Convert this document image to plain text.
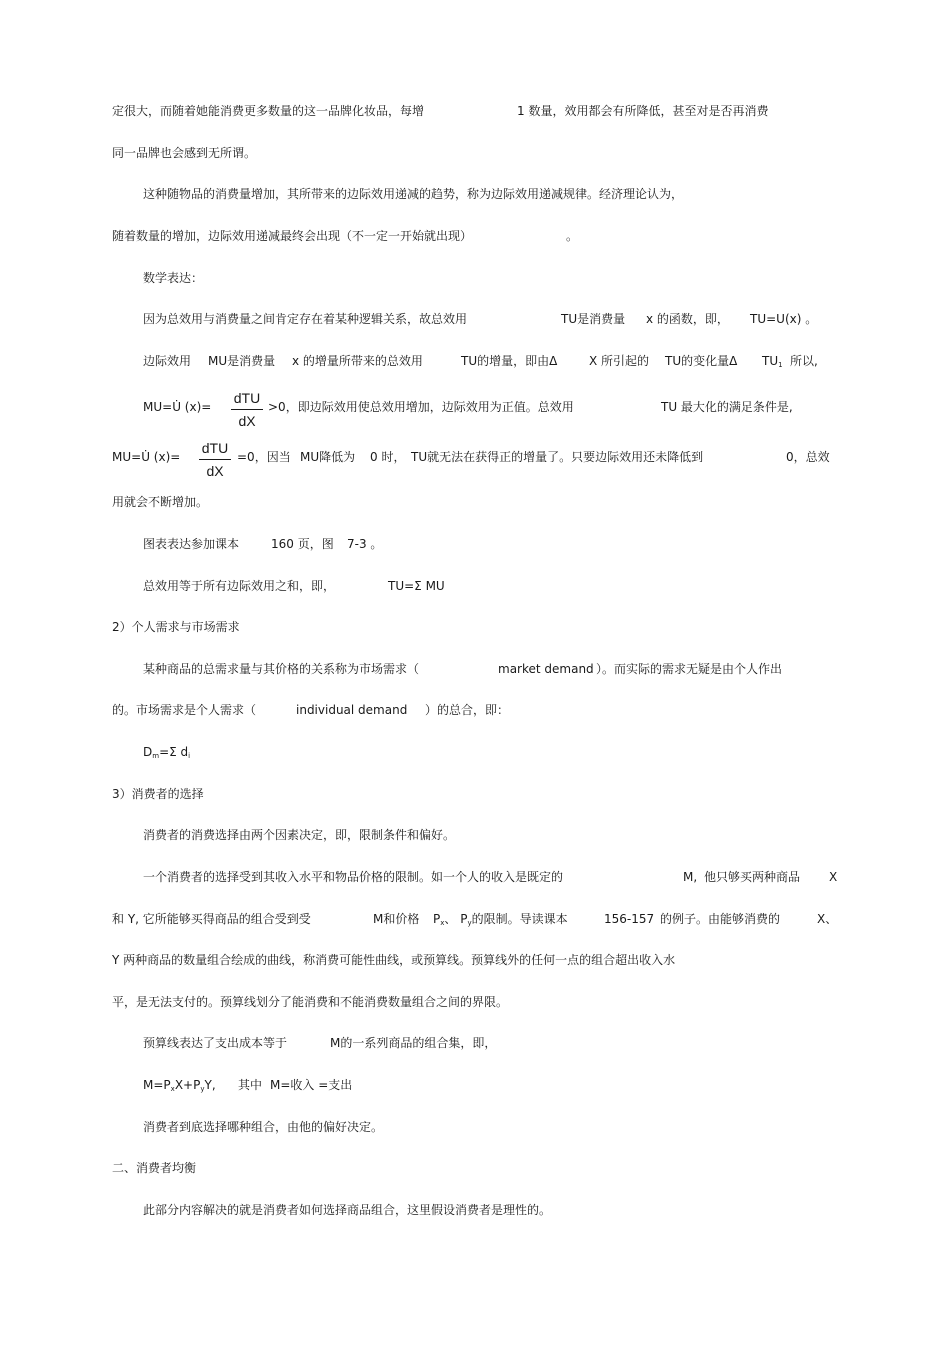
定很大，而随着她能消费更多数量的这一品牌化妆品，每增	1 数量，效用都会有所降低，甚至对是否再消费
同一品牌也会感到无所谓。
这种随物品的消费量增加，其所带来的边际效用递减的趋势，称为边际效用递减规律。经济理论认为，
随着数量的增加，边际效用递减最终会出现（不一定一开始就出现）	。
数学表达：
因为总效用与消费量之间肯定存在着某种逻辑关系，故总效用	TU是消费量 x 的函数，即， TU=U(x) 。
边际效用 MU是消费量 x 的增量所带来的总效用	TU的增量，即由Δ	X 所引起的 TU的变化量Δ $TU_1$ 所以,
MU=U̇ (x)=
dTU
dX
>0，即边际效用使总效用增加，边际效用为正值。总效用	TU 最大化的满足条件是,
MU=U̇ (x)=
dTU
dX
=0，因当 MU降低为 0 时， TU就无法在获得正的增量了。只要边际效用还未降低到	0，总效
用就会不断增加。
图表表达参加课本	160 页，图 7-3 。
总效用等于所有边际效用之和，即，	TU=Σ MU
2）个人需求与市场需求
某种商品的总需求量与其价格的关系称为市场需求（	market demand ）。而实际的需求无疑是由个人作出
的。市场需求是个人需求（	individual demand ）的总合，即：
$D_m=\Sigma$ $d_i$
3）消费者的选择
消费者的消费选择由两个因素决定，即，限制条件和偏好。
一个消费者的选择受到其收入水平和物品价格的限制。如一个人的收入是既定的	M, 他只够买两种商品 X
和 Y, 它所能够买得商品的组合受到受	M和价格 $P_x$、 $P_y$的限制。导读课本	156-157 的例子。由能够消费的	X、
Y 两种商品的数量组合绘成的曲线，称消费可能性曲线，或预算线。预算线外的任何一点的组合超出收入水
平，是无法支付的。预算线划分了能消费和不能消费数量组合之间的界限。
预算线表达了支出成本等于	M的一系列商品的组合集，即，
$M=P_xX+P_yY$, 其中 M=收入 =支出
消费者到底选择哪种组合，由他的偏好决定。
二、消费者均衡
此部分内容解决的就是消费者如何选择商品组合，这里假设消费者是理性的。
